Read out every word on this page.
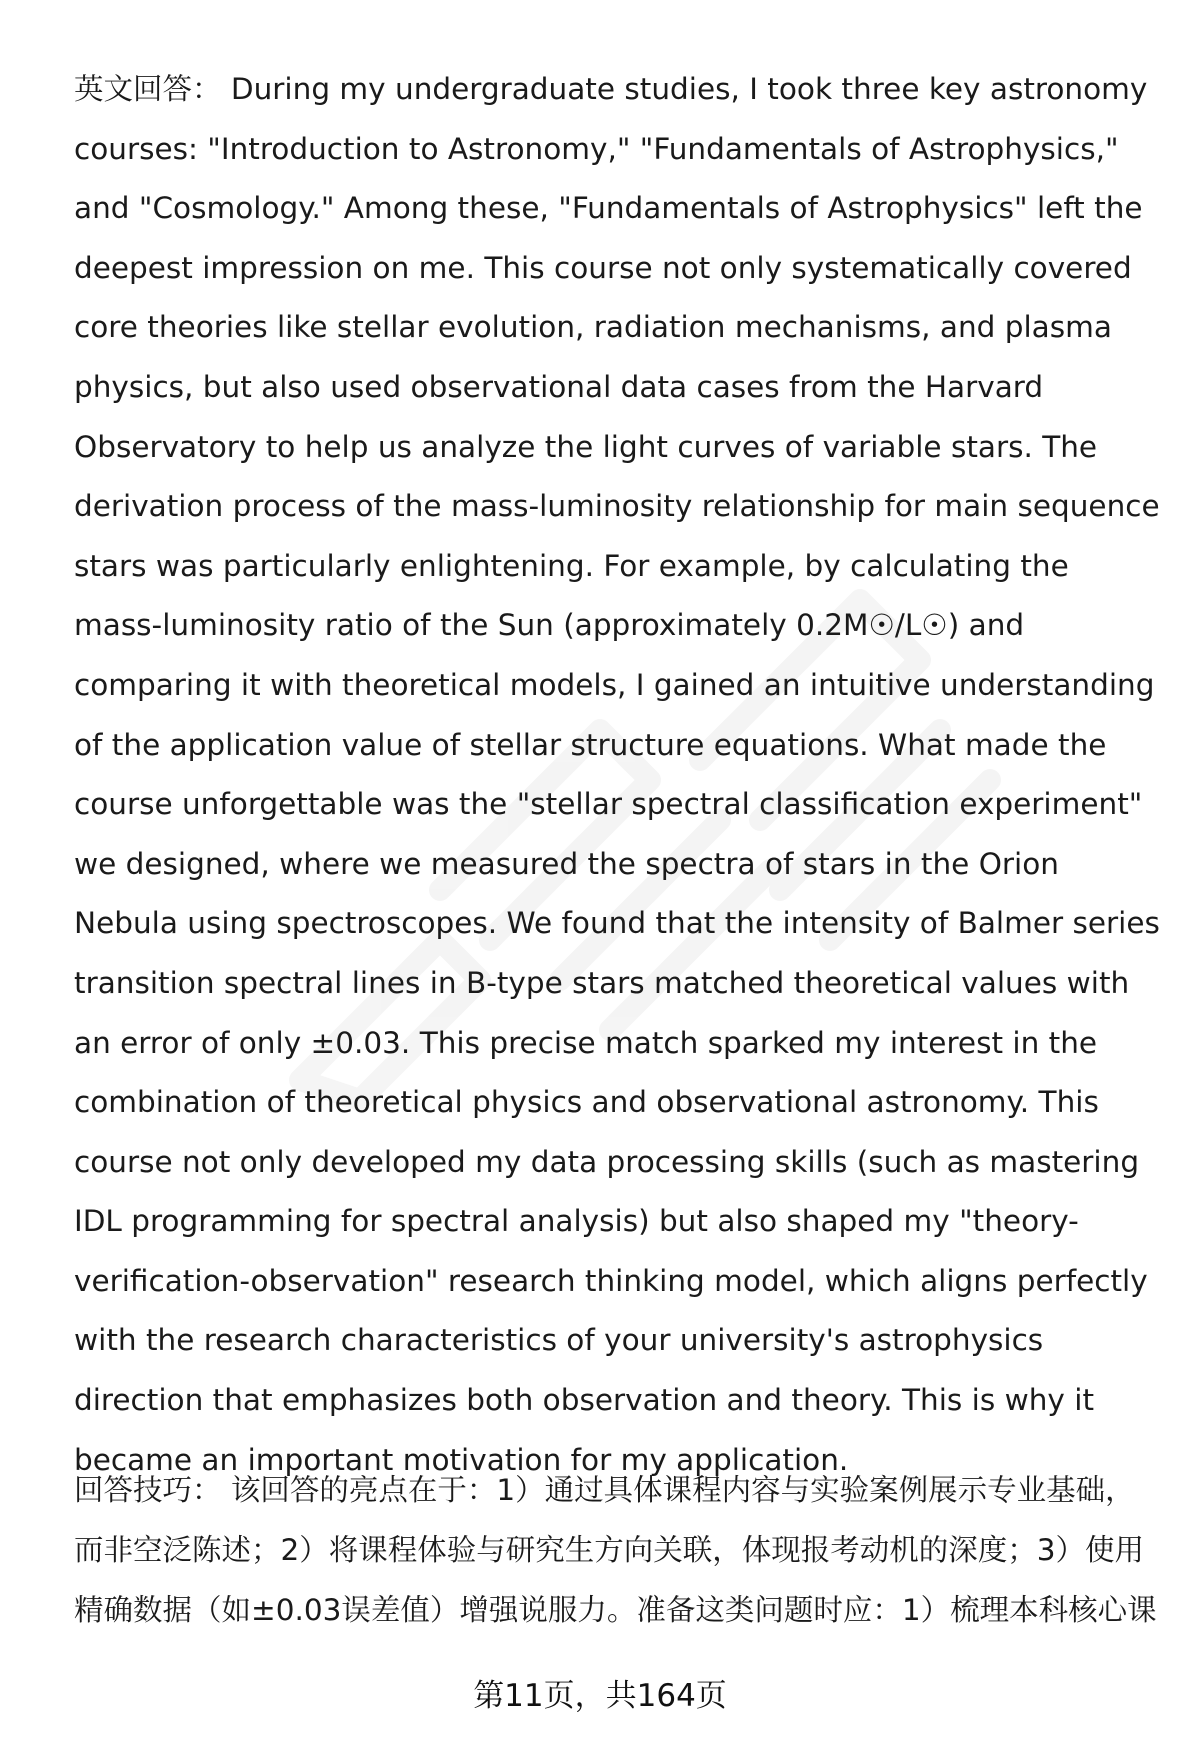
英文回答： During my undergraduate studies, I took three key astronomy courses: "Introduction to Astronomy," "Fundamentals of Astrophysics," and "Cosmology." Among these, "Fundamentals of Astrophysics" left the deepest impression on me. This course not only systematically covered core theories like stellar evolution, radiation mechanisms, and plasma physics, but also used observational data cases from the Harvard Observatory to help us analyze the light curves of variable stars. The derivation process of the mass-luminosity relationship for main sequence stars was particularly enlightening. For example, by calculating the mass-luminosity ratio of the Sun (approximately 0.2M☉/L☉) and comparing it with theoretical models, I gained an intuitive understanding of the application value of stellar structure equations. What made the course unforgettable was the "stellar spectral classification experiment" we designed, where we measured the spectra of stars in the Orion Nebula using spectroscopes. We found that the intensity of Balmer series transition spectral lines in B-type stars matched theoretical values with an error of only ±0.03. This precise match sparked my interest in the combination of theoretical physics and observational astronomy. This course not only developed my data processing skills (such as mastering IDL programming for spectral analysis) but also shaped my "theory-verification-observation" research thinking model, which aligns perfectly with the research characteristics of your university's astrophysics direction that emphasizes both observation and theory. This is why it became an important motivation for my application.

回答技巧： 该回答的亮点在于：1）通过具体课程内容与实验案例展示专业基础，而非空泛陈述；2）将课程体验与研究生方向关联，体现报考动机的深度；3）使用精确数据（如±0.03误差值）增强说服力。准备这类问题时应：1）梳理本科核心课

第11页，共164页
